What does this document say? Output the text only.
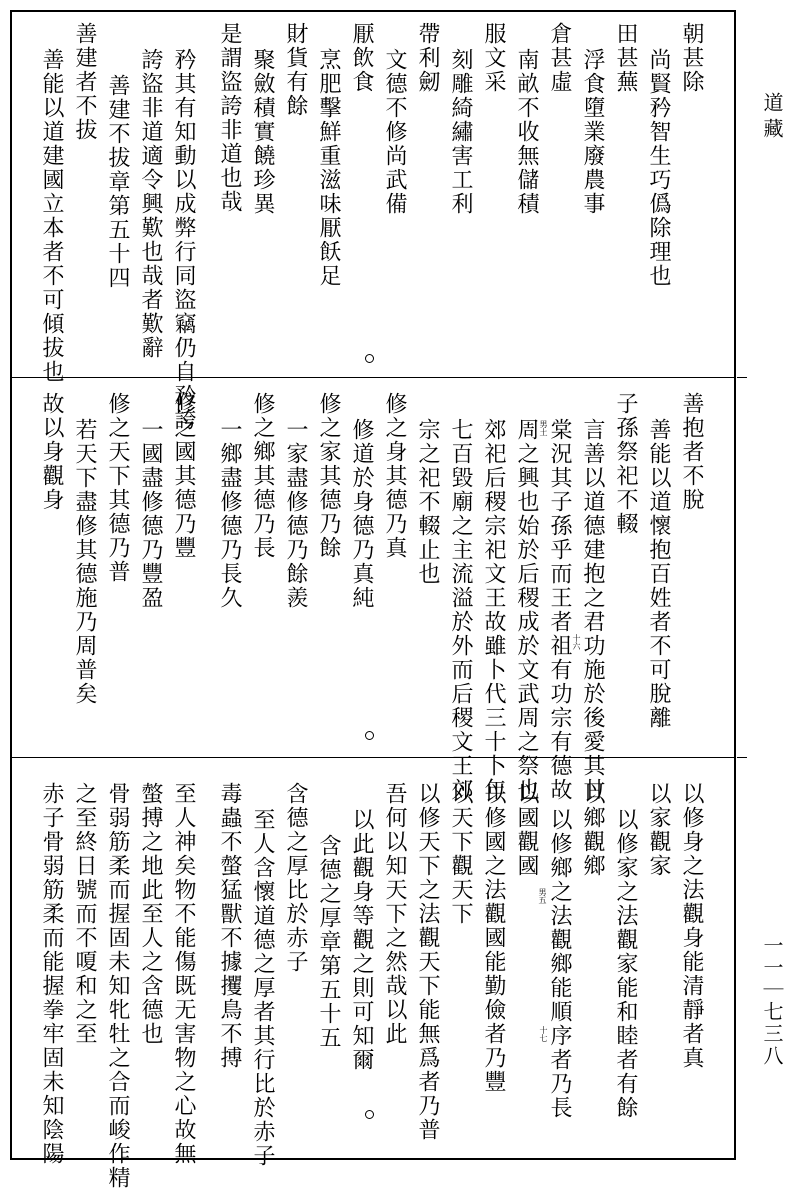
朝甚除
尚賢矜智生巧僞除理也
田甚蕪
浮食墮業廢農事
倉甚虛
南畝不收無儲積
服文采
刻雕綺繡害工利
帶利劒
文德不修尚武備
厭飲食
烹肥擊鮮重滋味厭飫足
財貨有餘
聚斂積實饒珍異
是謂盜誇非道也哉
矜其有知動以成弊行同盜竊仍自矜誇
誇盜非道適令興歎也哉者歎辭
善建不拔章第五十四
善建者不拔
善能以道建國立本者不可傾拔也
善抱者不脫
善能以道懷抱百姓者不可脫離
子孫祭祀不輟
言善以道德建抱之君功施於後愛其甘
棠況其子孫乎而王者祖有功宗有德故
周之興也始於后稷成於文武周之祭也
郊祀后稷宗祀文王故雖卜代三十卜年
七百毀廟之主流溢於外而后稷文王郊
宗之祀不輟止也
修之身其德乃真
修道於身德乃真純
修之家其德乃餘
一家盡修德乃餘羨
修之鄉其德乃長
一鄉盡修德乃長久
修之國其德乃豐
一國盡修德乃豐盈
修之天下其德乃普
若天下盡修其德施乃周普矣
故以身觀身	男土
十六
以修身之法觀身能清靜者真
以家觀家
以修家之法觀家能和睦者有餘
以鄉觀鄉
以修鄉之法觀鄉能順序者乃長
以國觀國
以修國之法觀國能勤儉者乃豐
以天下觀天下
以修天下之法觀天下能無爲者乃普
吾何以知天下之然哉以此
以此觀身等觀之則可知爾
含德之厚章第五十五
含德之厚比於赤子
至人含懷道德之厚者其行比於赤子
毒蟲不螫猛獸不據攫鳥不搏
至人神矣物不能傷既无害物之心故無
螫搏之地此至人之含德也
骨弱筋柔而握固未知牝牡之合而峻作精
之至終日號而不嗄和之至
赤子骨弱筋柔而能握拳牢固未知陰陽	男五
十七
道藏
一一｜七三八
